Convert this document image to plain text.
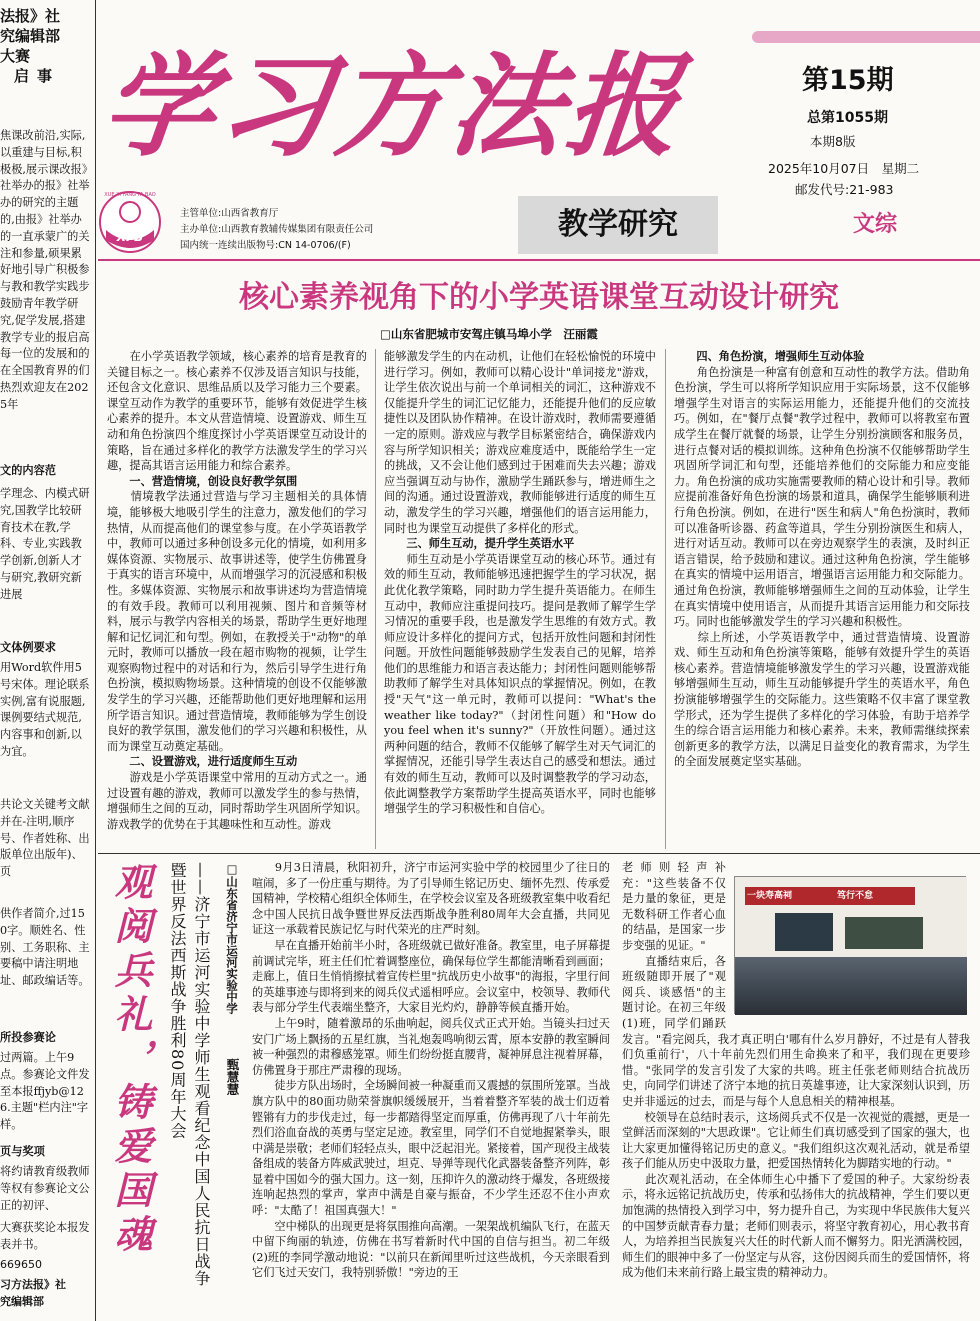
法报》社
究编辑部
大赛
启事
焦课改前沿,实际,以重建与目标,积极极,展示课改报》社举办的报》社举办的研究的主题的,由报》社举办的一直承蒙广的关注和参量,硕果累好地引导广积极参与教和教学实践步鼓励青年教学研究,促学发展,搭建教学专业的报启高每一位的发展和的在全国教育界的们热烈欢迎友在2025年
文的内容范
学理念、内模式研究,国教学比较研育技术在教,学科、专业,实践教学创新,创新人才与研究,教研究新进展
文体例要求
用Word软件用5号宋体。理论联系实例,富有说服题,课例要结式规范,内容事和创新,以为宜。
共论文关键考文献并在-注明,顺序号、作者姓称、出版单位出版年)、页
供作者简介,过150字。顺姓名、性别、工务职称、主要稿中请注明地址、邮政编话等。
所投参赛论
过两篇。上午9点。参赛论文件发至本报ffjyb@126.主题"栏内注"字样。
页与奖项
将约请教育级教师等权有参赛论文公正的初评、
大赛获奖论本报发表并书。
669650
习方法报》社
究编辑部
学习方法报	第15期
总第1055期
本期8版
2025年10月07日　星期二
邮发代号:21-983
XUE XI FANG FA BAO
XFB
主管单位:山西省教育厅
主办单位:山西教育教辅传媒集团有限责任公司
国内统一连续出版物号:CN 14-0706/(F)
教学研究	文综
核心素养视角下的小学英语课堂互动设计研究
□山东省肥城市安驾庄镇马埠小学　汪丽霞
　　在小学英语教学领域，核心素养的培育是教育的关键目标之一。核心素养不仅涉及语言知识与技能，还包含文化意识、思维品质以及学习能力三个要素。课堂互动作为教学的重要环节，能够有效促进学生核心素养的提升。本文从营造情境、设置游戏、师生互动和角色扮演四个维度探讨小学英语课堂互动设计的策略，旨在通过多样化的教学方法激发学生的学习兴趣，提高其语言运用能力和综合素养。
　　一、营造情境，创设良好教学氛围
　　情境教学法通过营造与学习主题相关的具体情境，能够极大地吸引学生的注意力，激发他们的学习热情，从而提高他们的课堂参与度。在小学英语教学中，教师可以通过多种创设多元化的情境，如利用多媒体资源、实物展示、故事讲述等，使学生仿佛置身于真实的语言环境中，从而增强学习的沉浸感和积极性。多媒体资源、实物展示和故事讲述均为营造情境的有效手段。教师可以利用视频、图片和音频等材料，展示与教学内容相关的场景，帮助学生更好地理解和记忆词汇和句型。例如，在教授关于"动物"的单元时，教师可以播放一段在超市购物的视频，让学生观察购物过程中的对话和行为，然后引导学生进行角色扮演，模拟购物场景。这种情境的创设不仅能够激发学生的学习兴趣，还能帮助他们更好地理解和运用所学语言知识。通过营造情境，教师能够为学生创设良好的教学氛围，激发他们的学习兴趣和积极性，从而为课堂互动奠定基础。
　　二、设置游戏，进行适度师生互动
　　游戏是小学英语课堂中常用的互动方式之一。通过设置有趣的游戏，教师可以激发学生的参与热情，增强师生之间的互动，同时帮助学生巩固所学知识。游戏教学的优势在于其趣味性和互动性。游戏
能够激发学生的内在动机，让他们在轻松愉悦的环境中进行学习。例如，教师可以精心设计"单词接龙"游戏，让学生依次说出与前一个单词相关的词汇，这种游戏不仅能提升学生的词汇记忆能力，还能提升他们的反应敏捷性以及团队协作精神。在设计游戏时，教师需要遵循一定的原则。游戏应与教学目标紧密结合，确保游戏内容与所学知识相关；游戏应难度适中，既能给学生一定的挑战，又不会让他们感到过于困难而失去兴趣；游戏应当强调互动与协作，激励学生踊跃参与，增进师生之间的沟通。通过设置游戏，教师能够进行适度的师生互动，激发学生的学习兴趣，增强他们的语言运用能力，同时也为课堂互动提供了多样化的形式。
　　三、师生互动，提升学生英语水平
　　师生互动是小学英语课堂互动的核心环节。通过有效的师生互动，教师能够迅速把握学生的学习状况，据此优化教学策略，同时助力学生提升英语能力。在师生互动中，教师应注重提问技巧。提问是教师了解学生学习情况的重要手段，也是激发学生思维的有效方式。教师应设计多样化的提问方式，包括开放性问题和封闭性问题。开放性问题能够鼓励学生发表自己的见解，培养他们的思维能力和语言表达能力；封闭性问题则能够帮助教师了解学生对具体知识点的掌握情况。例如，在教授"天气"这一单元时，教师可以提问："What's the weather like today?"（封闭性问题）和"How do you feel when it's sunny?"（开放性问题）。通过这两种问题的结合，教师不仅能够了解学生对天气词汇的掌握情况，还能引导学生表达自己的感受和想法。通过有效的师生互动，教师可以及时调整教学的学习动态，依此调整教学方案帮助学生提高英语水平，同时也能够增强学生的学习积极性和自信心。
　　四、角色扮演，增强师生互动体验
　　角色扮演是一种富有创意和互动性的教学方法。借助角色扮演，学生可以将所学知识应用于实际场景，这不仅能够增强学生对语言的实际运用能力，还能提升他们的交流技巧。例如，在"餐厅点餐"教学过程中，教师可以将教室布置成学生在餐厅就餐的场景，让学生分别扮演顾客和服务员，进行点餐对话的模拟训练。这种角色扮演不仅能够帮助学生巩固所学词汇和句型，还能培养他们的交际能力和应变能力。角色扮演的成功实施需要教师的精心设计和引导。教师应提前准备好角色扮演的场景和道具，确保学生能够顺利进行角色扮演。例如，在进行"医生和病人"角色扮演时，教师可以准备听诊器、药盒等道具，学生分别扮演医生和病人，进行对话互动。教师可以在旁边观察学生的表演，及时纠正语言错误，给予鼓励和建议。通过这种角色扮演，学生能够在真实的情境中运用语言，增强语言运用能力和交际能力。通过角色扮演，教师能够增强师生之间的互动体验，让学生在真实情境中使用语言，从而提升其语言运用能力和交际技巧。同时也能够激发学生的学习兴趣和积极性。
　　综上所述，小学英语教学中，通过营造情境、设置游戏、师生互动和角色扮演等策略，能够有效提升学生的英语核心素养。营造情境能够激发学生的学习兴趣，设置游戏能够增强师生互动，师生互动能够提升学生的英语水平，角色扮演能够增强学生的交际能力。这些策略不仅丰富了课堂教学形式，还为学生提供了多样化的学习体验，有助于培养学生的综合语言运用能力和核心素养。未来，教师需继续探索创新更多的教学方法，以满足日益变化的教育需求，为学生的全面发展奠定坚实基础。
观阅兵礼，铸爱国魂	——济宁市运河实验中学师生观看纪念中国人民抗日战争暨世界反法西斯战争胜利80周年大会	□山东省济宁市运河实验中学
甄慧慧
　　9月3日清晨，秋阳初升，济宁市运河实验中学的校园里少了往日的喧闹，多了一份庄重与期待。为了引导师生铭记历史、缅怀先烈、传承爱国精神，学校精心组织全体师生，在学校会议室及各班级教室集中收看纪念中国人民抗日战争暨世界反法西斯战争胜利80周年大会直播，共同见证这一承载着民族记忆与时代荣光的庄严时刻。
　　早在直播开始前半小时，各班级就已做好准备。教室里，电子屏幕提前调试完毕，班主任们忙着调整座位，确保每位学生都能清晰看到画面；走廊上，值日生悄悄擦拭着宣传栏里"抗战历史小故事"的海报，字里行间的英雄事迹与即将到来的阅兵仪式遥相呼应。会议室中，校领导、教师代表与部分学生代表端坐整齐，大家目光灼灼，静静等候直播开始。
　　上午9时，随着激昂的乐曲响起，阅兵仪式正式开始。当镜头扫过天安门广场上飘扬的五星红旗，当礼炮轰鸣响彻云霄，原本安静的教室瞬间被一种强烈的肃穆感笼罩。师生们纷纷挺直腰背，凝神屏息注视着屏幕，仿佛置身于那庄严肃穆的现场。
　　徒步方队出场时，全场瞬间被一种凝重而又震撼的氛围所笼罩。当战旗方队中的80面功勋荣誉旗帜缓缓展开，当着着整齐军装的战士们迈着铿锵有力的步伐走过，每一步都踏得坚定而厚重，仿佛再现了八十年前先烈们浴血奋战的英勇与坚定足迹。教室里，同学们不自觉地握紧拳头，眼中满是崇敬；老师们轻轻点头，眼中泛起泪光。紧接着，国产现役主战装备组成的装备方阵威武驶过，坦克、导弹等现代化武器装备整齐列阵，彰显着中国如今的强大国力。这一刻，压抑许久的激动终于爆发，各班级接连响起热烈的掌声，掌声中满是自豪与振奋，不少学生还忍不住小声欢呼："太酷了！祖国真强大！"
　　空中梯队的出现更是将氛围推向高潮。一架架战机编队飞行，在蓝天中留下绚丽的轨迹，仿佛在书写着新时代中国的自信与担当。初二年级(2)班的李同学激动地说："以前只在新闻里听过这些战机，今天亲眼看到它们飞过天安门，我特别骄傲！"旁边的王
老师则轻声补充："这些装备不仅是力量的象征，更是无数科研工作者心血的结晶，是国家一步步变强的见证。"
　　直播结束后，各班级随即开展了"观阅兵、谈感悟"的主题讨论。在初三年级(1)班，同学们踊跃发言。"看完阅兵，我才真正明白'哪有什么岁月静好，不过是有人替我们负重前行'，八十年前先烈们用生命换来了和平，我们现在更要珍惜。"张同学的发言引发了大家的共鸣。班主任张老师则结合抗战历史，向同学们讲述了济宁本地的抗日英雄事迹，让大家深刻认识到，历史并非遥远的过去，而是与每个人息息相关的精神根基。
　　校领导在总结时表示，这场阅兵式不仅是一次视觉的震撼，更是一堂鲜活而深刻的"大思政课"。它让师生们真切感受到了国家的强大，也让大家更加懂得铭记历史的意义。"我们组织这次观礼活动，就是希望孩子们能从历史中汲取力量，把爱国热情转化为脚踏实地的行动。"
　　此次观礼活动，在全体师生心中播下了爱国的种子。大家纷纷表示，将永远铭记抗战历史，传承和弘扬伟大的抗战精神，学生们要以更加饱满的热情投入到学习中，努力提升自己，为实现中华民族伟大复兴的中国梦贡献青春力量；老师们则表示，将坚守教育初心，用心教书育人，为培养担当民族复兴大任的时代新人而不懈努力。阳光洒满校园，师生们的眼神中多了一份坚定与从容，这份因阅兵而生的爱国情怀，将成为他们未来前行路上最宝贵的精神动力。
一块寿高祠　　　　　笃行不怠
